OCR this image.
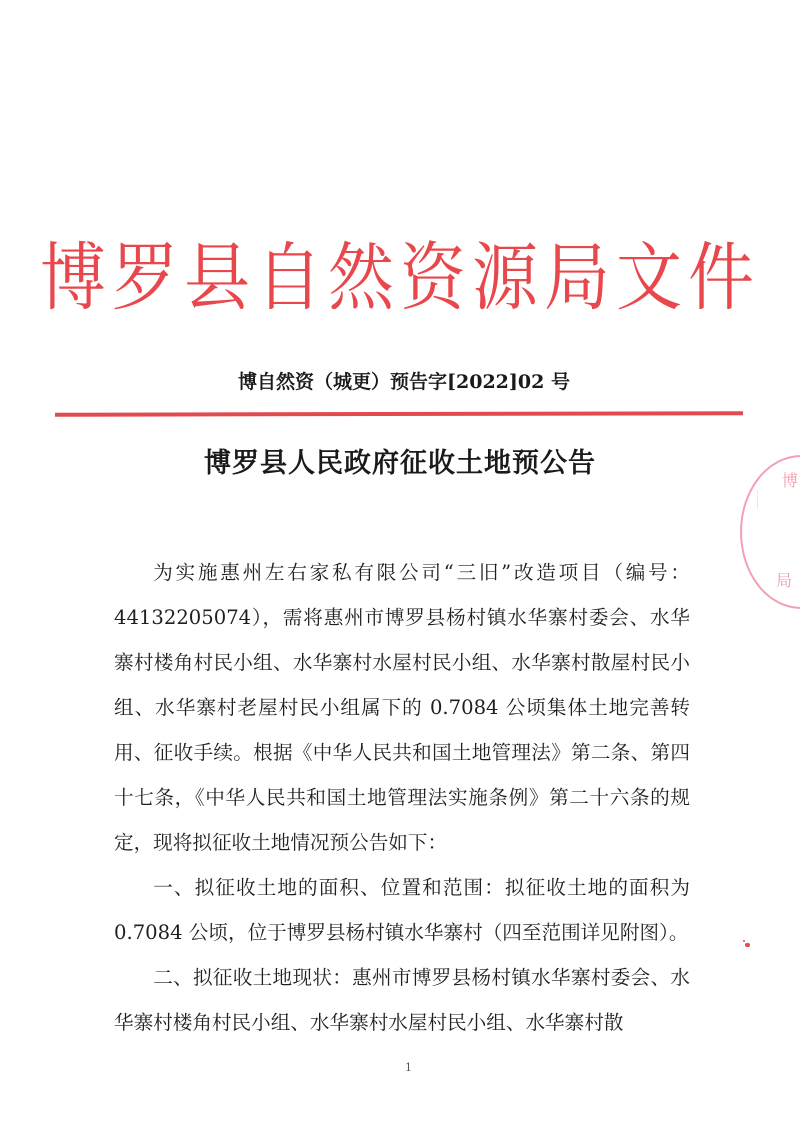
博罗县自然资源局文件
博自然资（城更）预告字[2022]02 号
博罗县人民政府征收土地预公告

为实施惠州左右家私有限公司“三旧”改造项目（编号：44132205074），需将惠州市博罗县杨村镇水华寨村委会、水华寨村楼角村民小组、水华寨村水屋村民小组、水华寨村散屋村民小组、水华寨村老屋村民小组属下的 0.7084 公顷集体土地完善转用、征收手续。根据《中华人民共和国土地管理法》第二条、第四十七条，《中华人民共和国土地管理法实施条例》第二十六条的规定，现将拟征收土地情况预公告如下：

一、拟征收土地的面积、位置和范围：拟征收土地的面积为 0.7084 公顷，位于博罗县杨村镇水华寨村（四至范围详见附图）。

二、拟征收土地现状：惠州市博罗县杨村镇水华寨村委会、水华寨村楼角村民小组、水华寨村水屋村民小组、水华寨村散

博
局
··········
1
